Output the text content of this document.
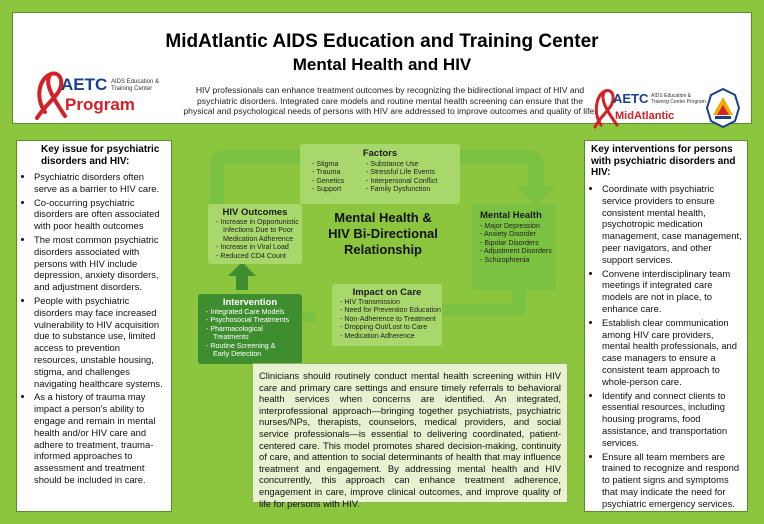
MidAtlantic AIDS Education and Training Center
Mental Health and HIV
HIV professionals can enhance treatment outcomes by recognizing the bidirectional impact of HIV and psychiatric disorders. Integrated care models and routine mental health screening can ensure that the physical and psychological needs of persons with HIV are addressed to improve outcomes and quality of life.
AETC AIDS Education &
Training Center
Program	AETC AIDS Education &
Training Center Program
MidAtlantic
Key issue for psychiatric disorders and HIV:
• Psychiatric disorders often serve as a barrier to HIV care.
• Co-occurring psychiatric disorders are often associated with poor health outcomes
• The most common psychiatric disorders associated with persons with HIV include depression, anxiety disorders, and adjustment disorders.
• People with psychiatric disorders may face increased vulnerability to HIV acquisition due to substance use, limited access to prevention resources, unstable housing, stigma, and challenges navigating healthcare systems.
• As a history of trauma may impact a person's ability to engage and remain in mental health and/or HIV care and adhere to treatment, trauma-informed approaches to assessment and treatment should be included in care.
Key interventions for persons with psychiatric disorders and HIV:
• Coordinate with psychiatric service providers to ensure consistent mental health, psychotropic medication management, case management, peer navigators, and other support services.
• Convene interdisciplinary team meetings if integrated care models are not in place, to enhance care.
• Establish clear communication among HIV care providers, mental health professionals, and case managers to ensure a consistent team approach to whole-person care.
• Identify and connect clients to essential resources, including housing programs, food assistance, and transportation services.
• Ensure all team members are trained to recognize and respond to patient signs and symptoms that may indicate the need for psychiatric emergency services.
Factors
- Stigma
- Trauma
- Genetics
- Support
- Substance Use
- Stressful Life Events
- Interpersonal Conflict
- Family Dysfunction
Mental Health
- Major Depression
- Anxiety Disorder
- Bipolar Disorders
- Adjustment Disorders
- Schizophrenia
Mental Health &
HIV Bi-Directional
Relationship
HIV Outcomes
- Increase in Opportunistic
Infections Due to Poor
Medication Adherence
- Increase in Viral Load
- Reduced CD4 Count
Impact on Care
- HIV Transmission
- Need for Prevention Education
- Non-Adherence to Treatment
- Dropping Out/Lost to Care
- Medication Adherence
Intervention
- Integrated Care Models
- Psychosocial Treatments
- Pharmacological
Treatments
- Routine Screening &
Early Detection
Clinicians should routinely conduct mental health screening within HIV care and primary care settings and ensure timely referrals to behavioral health services when concerns are identified. An integrated, interprofessional approach—bringing together psychiatrists, psychiatric nurses/NPs, therapists, counselors, medical providers, and social service professionals—is essential to delivering coordinated, patient-centered care. This model promotes shared decision-making, continuity of care, and attention to social determinants of health that may influence treatment and engagement. By addressing mental health and HIV concurrently, this approach can enhance treatment adherence, engagement in care, improve clinical outcomes, and improve quality of life for persons with HIV.
